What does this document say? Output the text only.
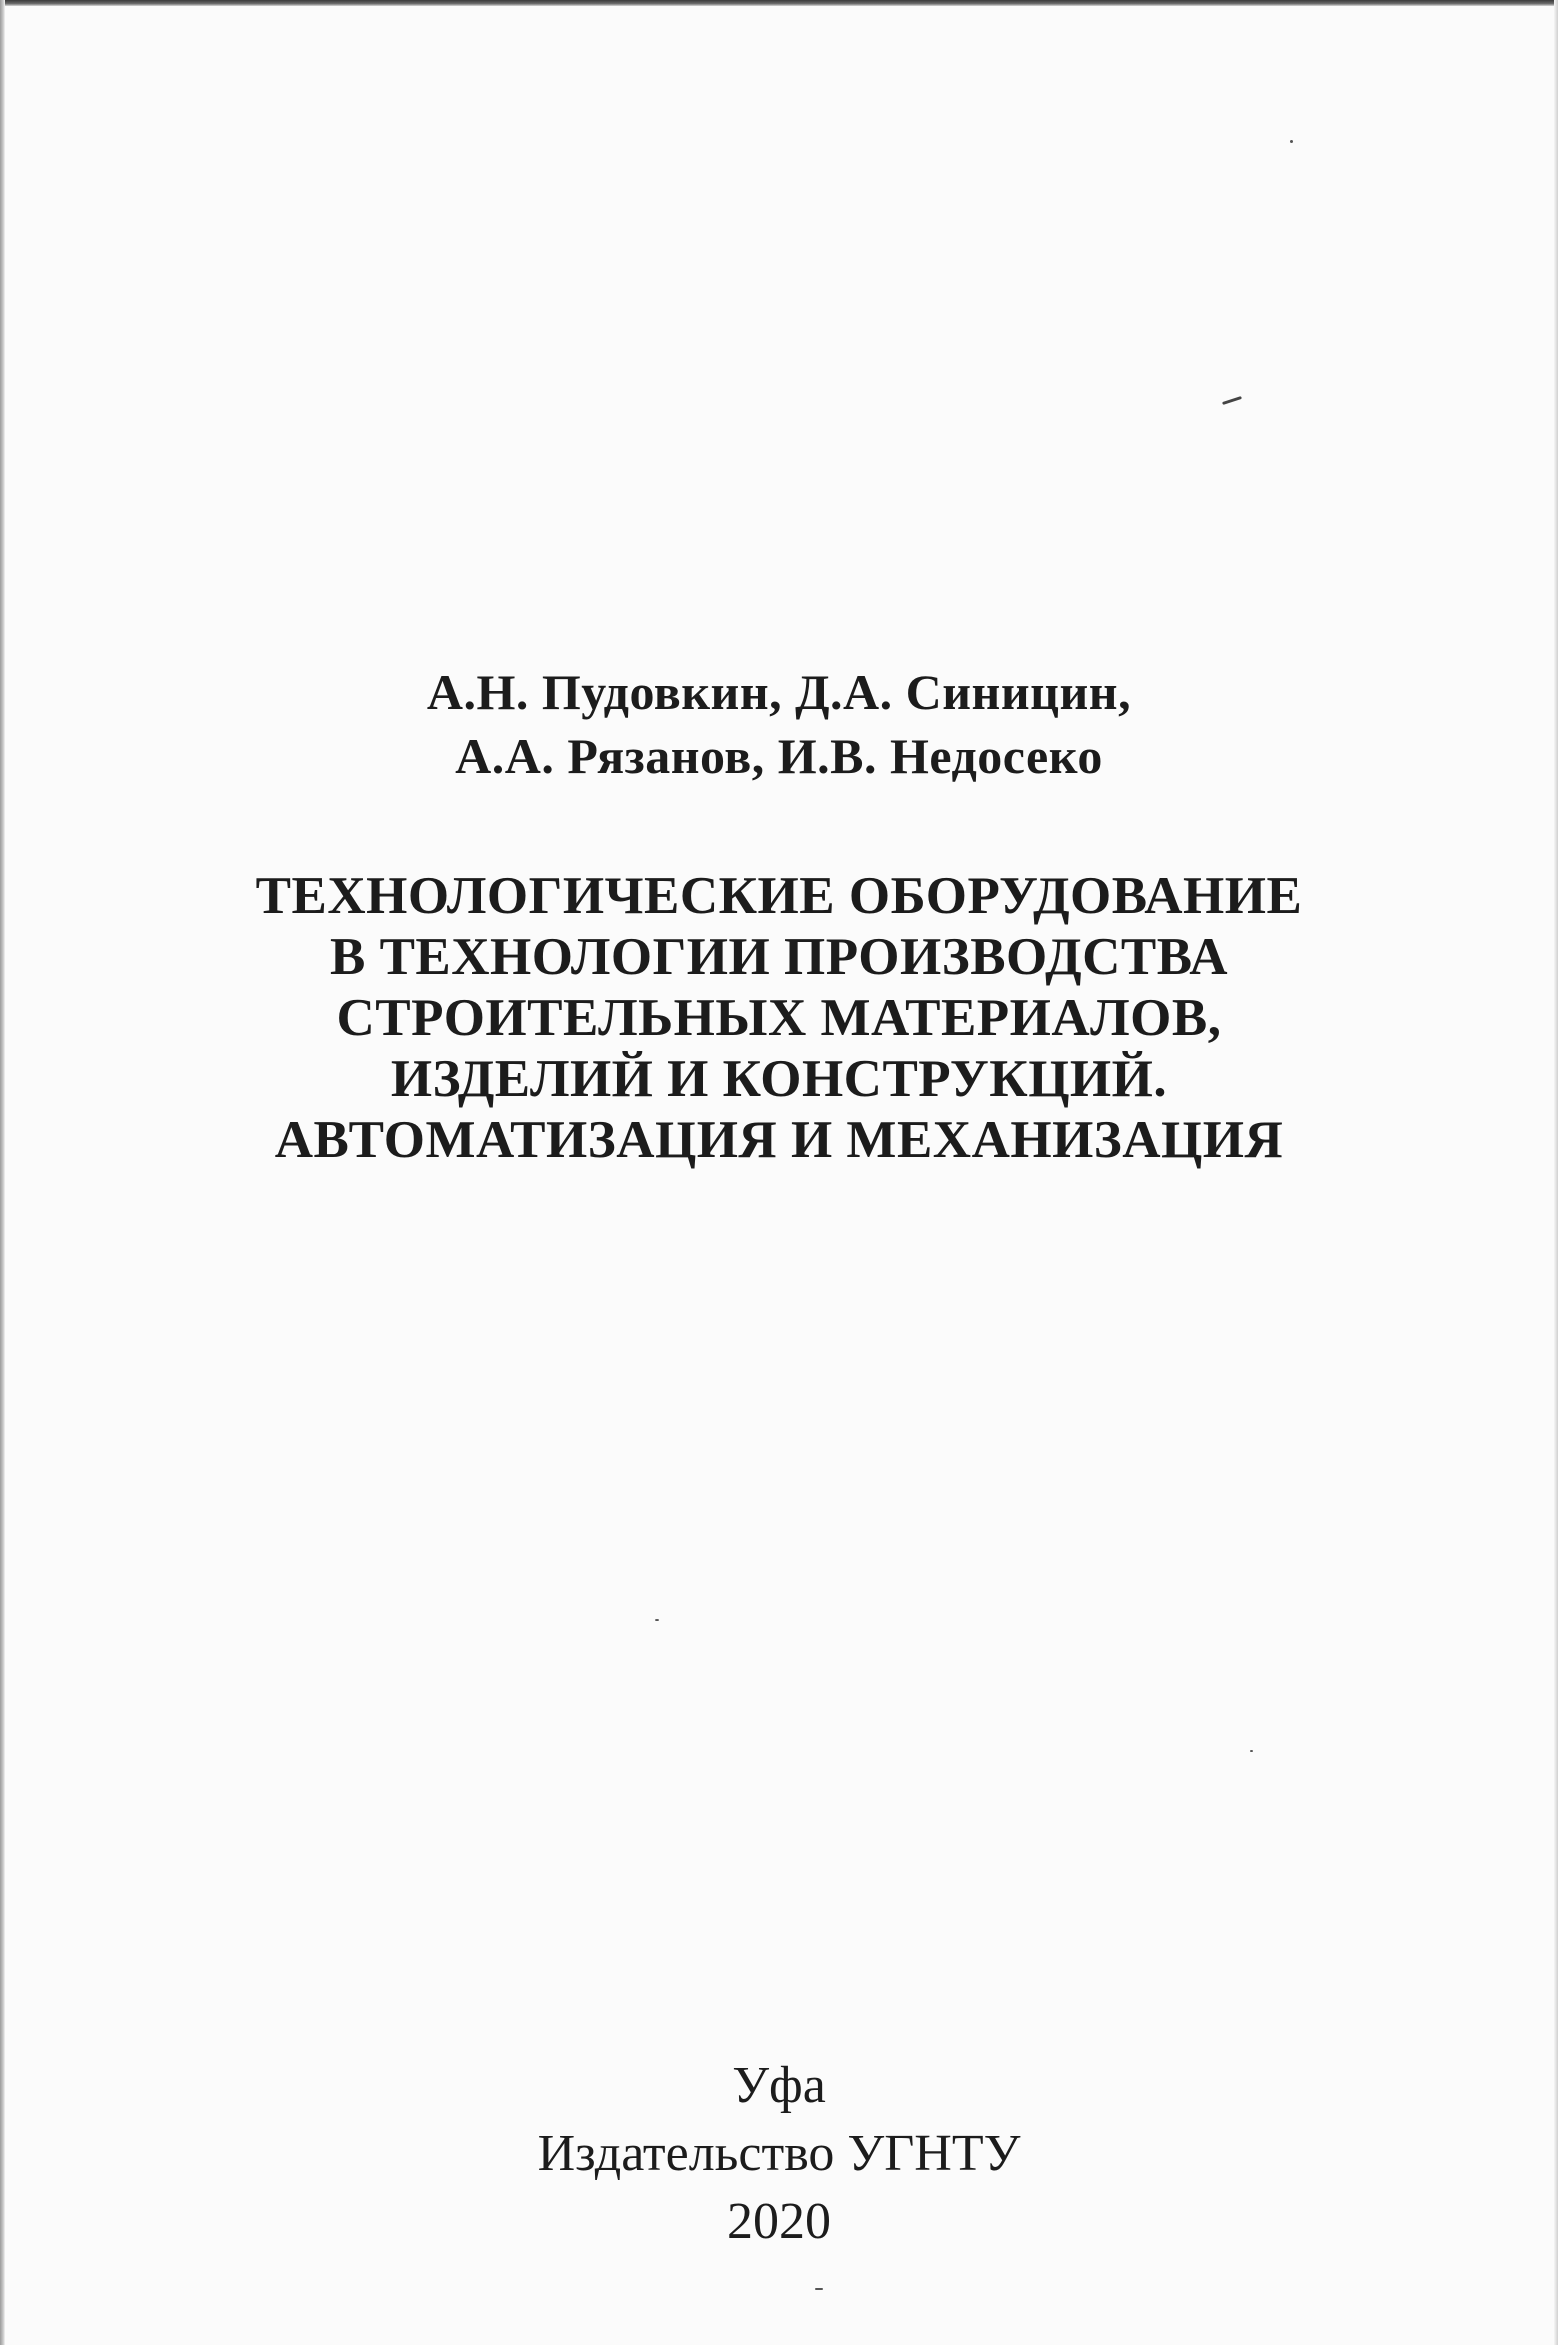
А.Н. Пудовкин, Д.А. Синицин,
А.А. Рязанов, И.В. Недосеко
ТЕХНОЛОГИЧЕСКИЕ ОБОРУДОВАНИЕ
В ТЕХНОЛОГИИ ПРОИЗВОДСТВА
СТРОИТЕЛЬНЫХ МАТЕРИАЛОВ,
ИЗДЕЛИЙ И КОНСТРУКЦИЙ.
АВТОМАТИЗАЦИЯ И МЕХАНИЗАЦИЯ
Уфа
Издательство УГНТУ
2020
